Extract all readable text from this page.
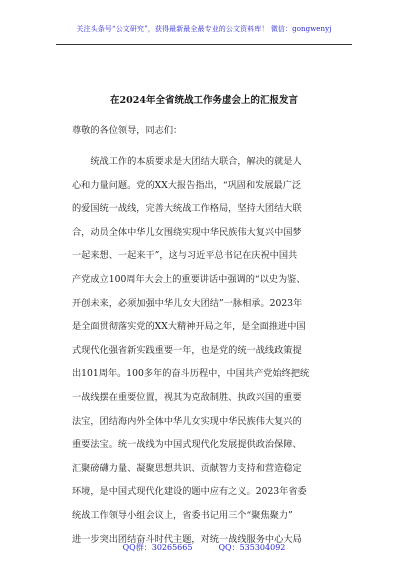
关注头条号“公文研究”，获得最新最全最专业的公文资料库！ 微信：gongwenyj
在2024年全省统战工作务虚会上的汇报发言
尊敬的各位领导，同志们：
　　统战工作的本质要求是大团结大联合，解决的就是人
心和力量问题。党的XX大报告指出，“巩固和发展最广泛
的爱国统一战线，完善大统战工作格局，坚持大团结大联
合，动员全体中华儿女围绕实现中华民族伟大复兴中国梦
一起来想、一起来干”，这与习近平总书记在庆祝中国共
产党成立100周年大会上的重要讲话中强调的“以史为鉴、
开创未来，必须加强中华儿女大团结”一脉相承。2023年
是全面贯彻落实党的XX大精神开局之年，是全面推进中国
式现代化强省新实践重要一年，也是党的统一战线政策提
出101周年。100多年的奋斗历程中，中国共产党始终把统
一战线摆在重要位置，视其为克敌制胜、执政兴国的重要
法宝，团结海内外全体中华儿女实现中华民族伟大复兴的
重要法宝。统一战线为中国式现代化发展提供政治保障、
汇聚磅礴力量、凝聚思想共识、贡献智力支持和营造稳定
环境，是中国式现代化建设的题中应有之义。2023年省委
统战工作领导小组会议上，省委书记用三个“聚焦聚力”
进一步突出团结奋斗时代主题，对统一战线服务中心大局
QQ群：30265665	QQ：535304092
